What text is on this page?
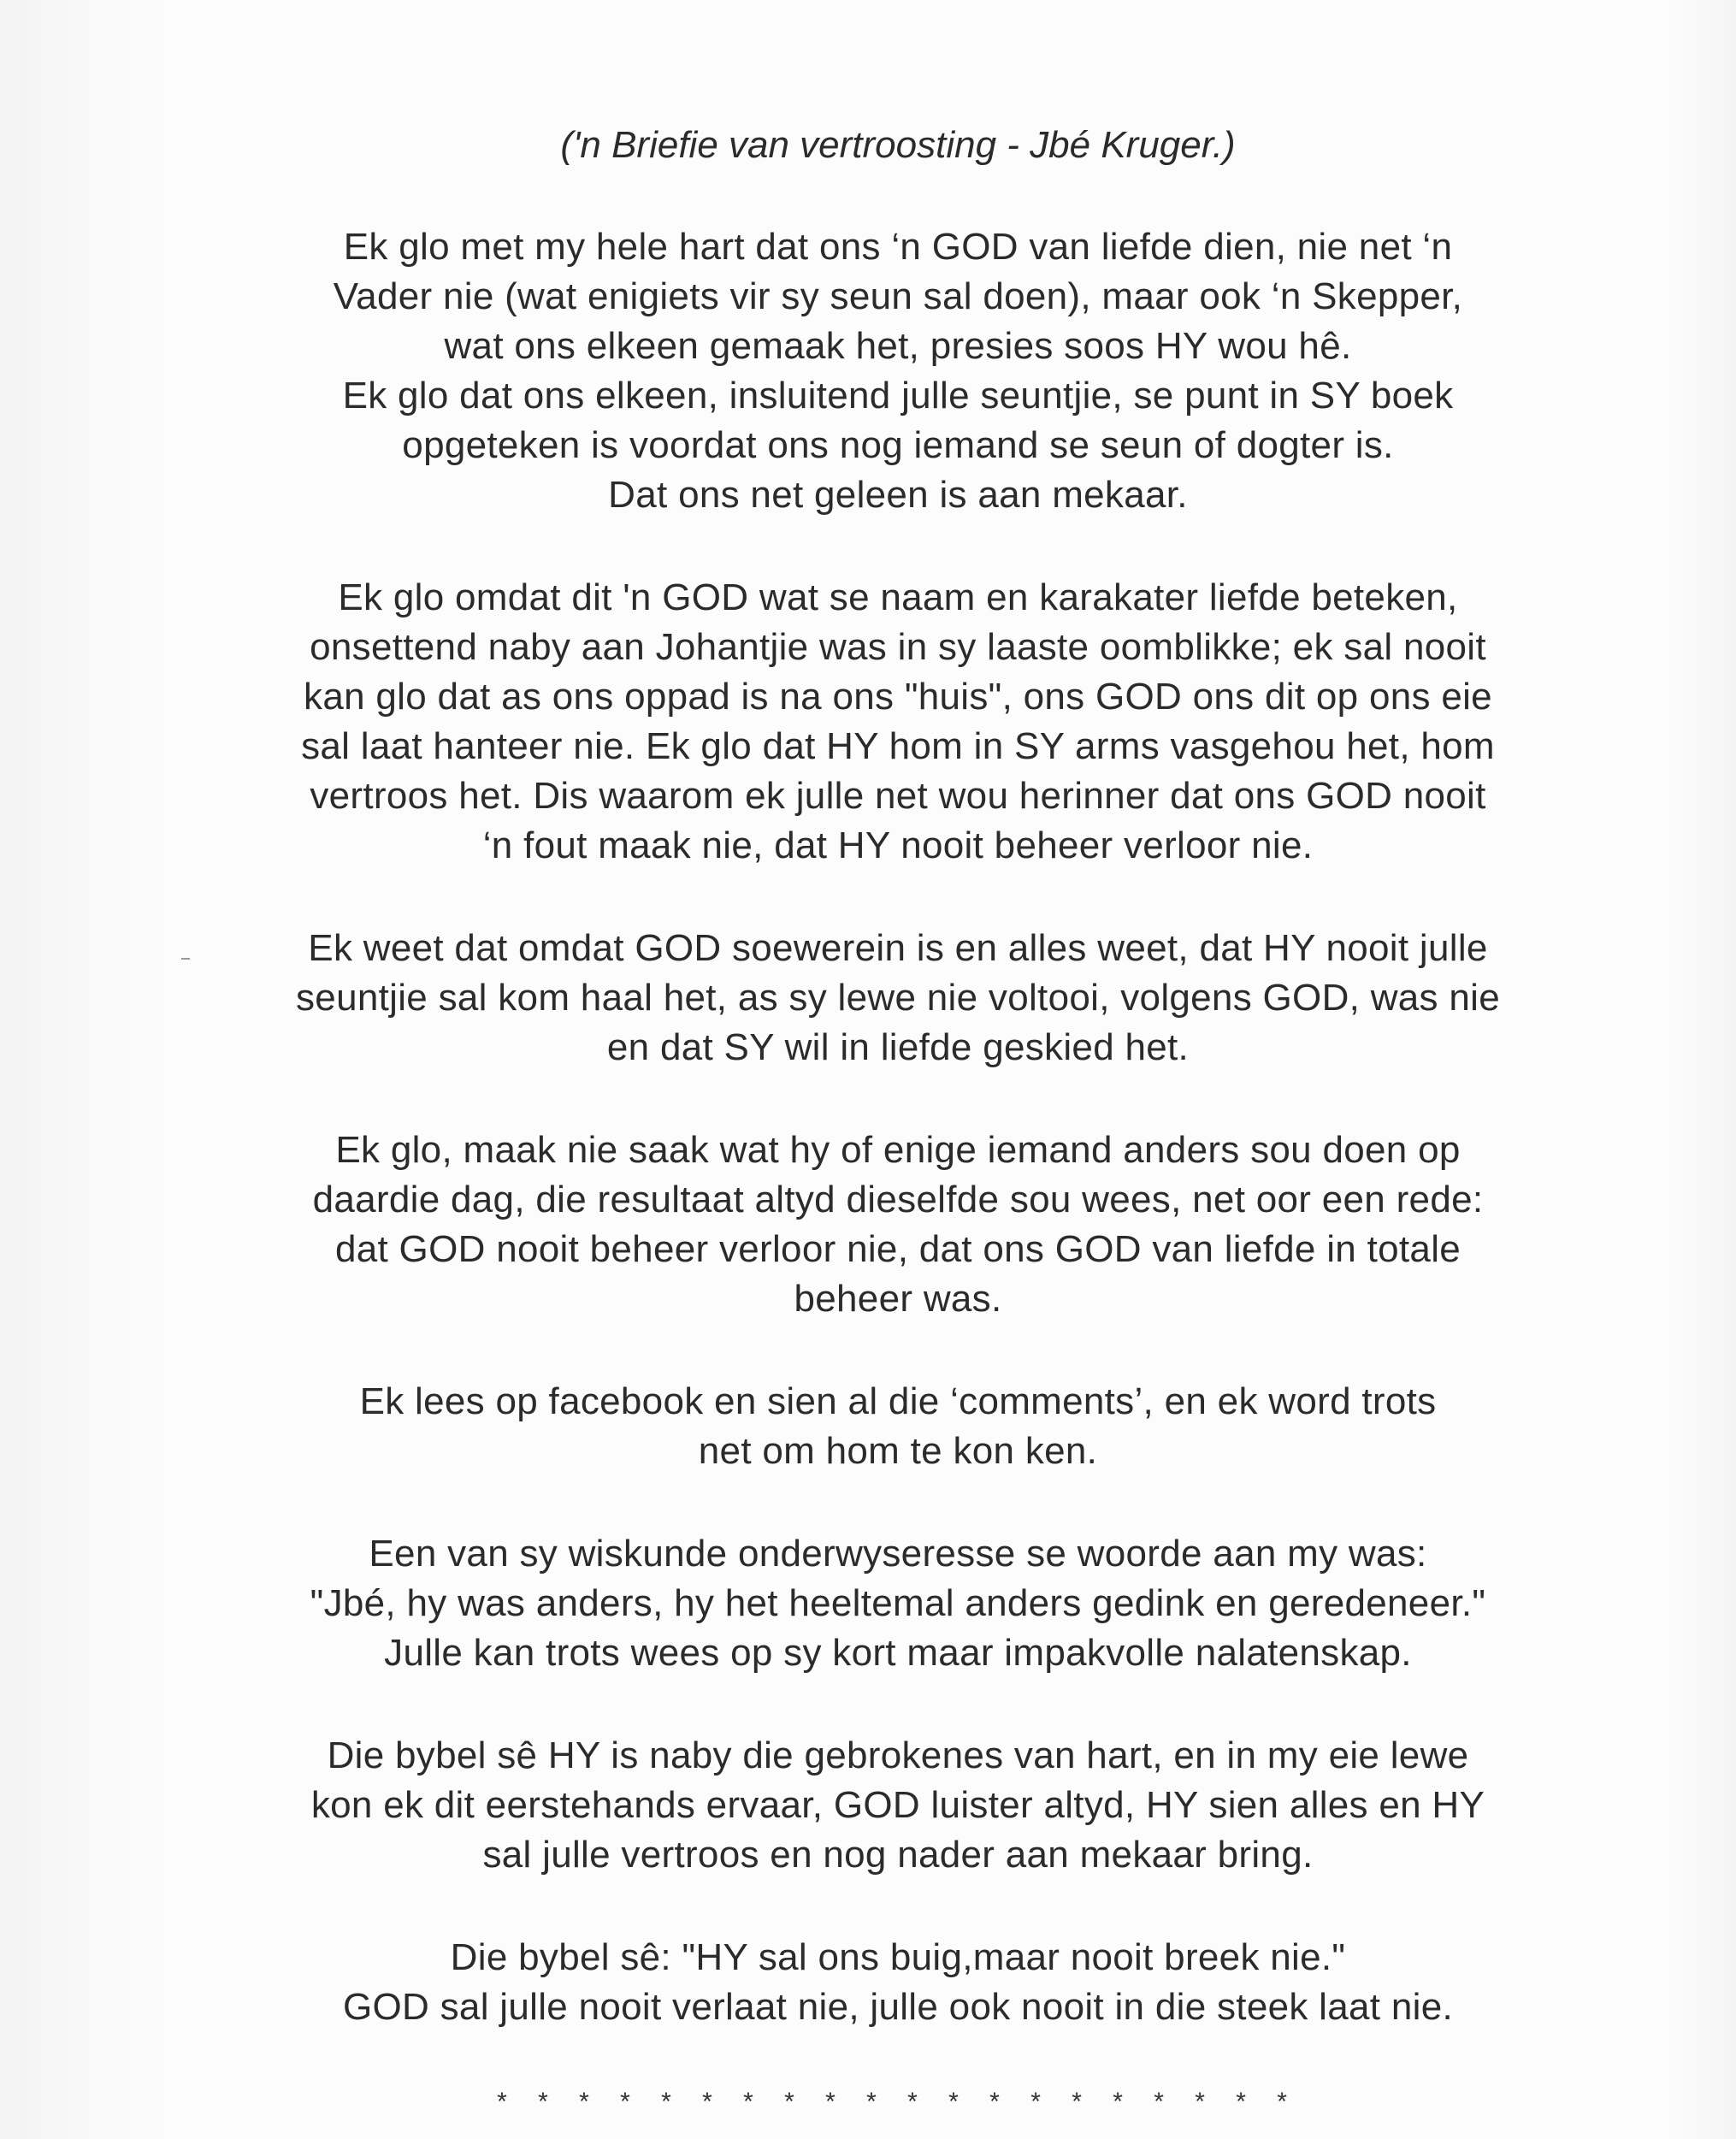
('n Briefie van vertroosting - Jbé Kruger.)
Ek glo met my hele hart dat ons ‘n GOD van liefde dien, nie net ‘n
Vader nie (wat enigiets vir sy seun sal doen), maar ook ‘n Skepper,
wat ons elkeen gemaak het, presies soos HY wou hê.
Ek glo dat ons elkeen, insluitend julle seuntjie, se punt in SY boek
opgeteken is voordat ons nog iemand se seun of dogter is.
Dat ons net geleen is aan mekaar.
Ek glo omdat dit 'n GOD wat se naam en karakater liefde beteken,
onsettend naby aan Johantjie was in sy laaste oomblikke; ek sal nooit
kan glo dat as ons oppad is na ons "huis", ons GOD ons dit op ons eie
sal laat hanteer nie. Ek glo dat HY hom in SY arms vasgehou het, hom
vertroos het. Dis waarom ek julle net wou herinner dat ons GOD nooit
‘n fout maak nie, dat HY nooit beheer verloor nie.
Ek weet dat omdat GOD soewerein is en alles weet, dat HY nooit julle
seuntjie sal kom haal het, as sy lewe nie voltooi, volgens GOD, was nie
en dat SY wil in liefde geskied het.
Ek glo, maak nie saak wat hy of enige iemand anders sou doen op
daardie dag, die resultaat altyd dieselfde sou wees, net oor een rede:
dat GOD nooit beheer verloor nie, dat ons GOD van liefde in totale
beheer was.
Ek lees op facebook en sien al die ‘comments’, en ek word trots
net om hom te kon ken.
Een van sy wiskunde onderwyseresse se woorde aan my was:
"Jbé, hy was anders, hy het heeltemal anders gedink en geredeneer."
Julle kan trots wees op sy kort maar impakvolle nalatenskap.
Die bybel sê HY is naby die gebrokenes van hart, en in my eie lewe
kon ek dit eerstehands ervaar, GOD luister altyd, HY sien alles en HY
sal julle vertroos en nog nader aan mekaar bring.
Die bybel sê: "HY sal ons buig,maar nooit breek nie."
GOD sal julle nooit verlaat nie, julle ook nooit in die steek laat nie.
* * * * * * * * * * * * * * * * * * * *
